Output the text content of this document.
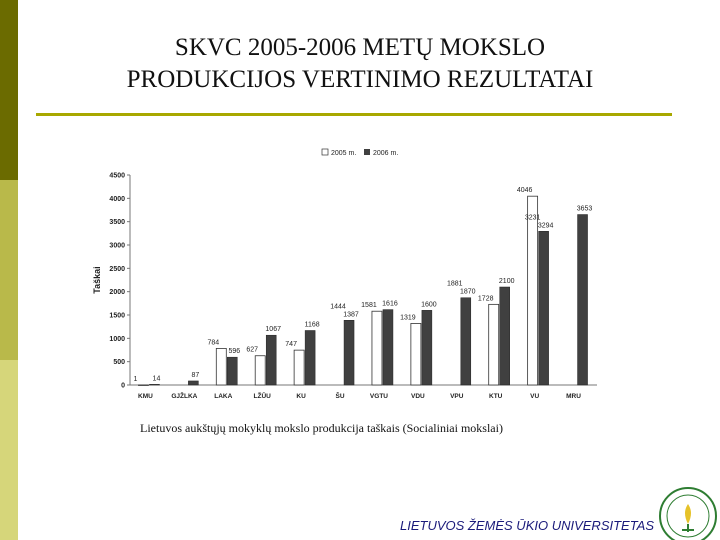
SKVC 2005-2006 METŲ MOKSLO
PRODUKCIJOS VERTINIMO REZULTATAI
0
500
1000
1500
2000
2500
3000
3500
4000
4500
Taškai
KMU
1 14
GJŽLKA
87
LAKA
784
596
LŽŪU
627
1067
KU
747
1168
ŠU
1387
VGTU
1581 1616
VDU
1319
1600
VPU
1870
KTU
1728
2100
VU
4046
3294
MRU
3653
1444
1881
3231
2005 m. 2006 m.
Lietuvos aukštųjų mokyklų mokslo produkcija taškais (Socialiniai mokslai)
LIETUVOS ŽEMĖS ŪKIO UNIVERSITETAS
